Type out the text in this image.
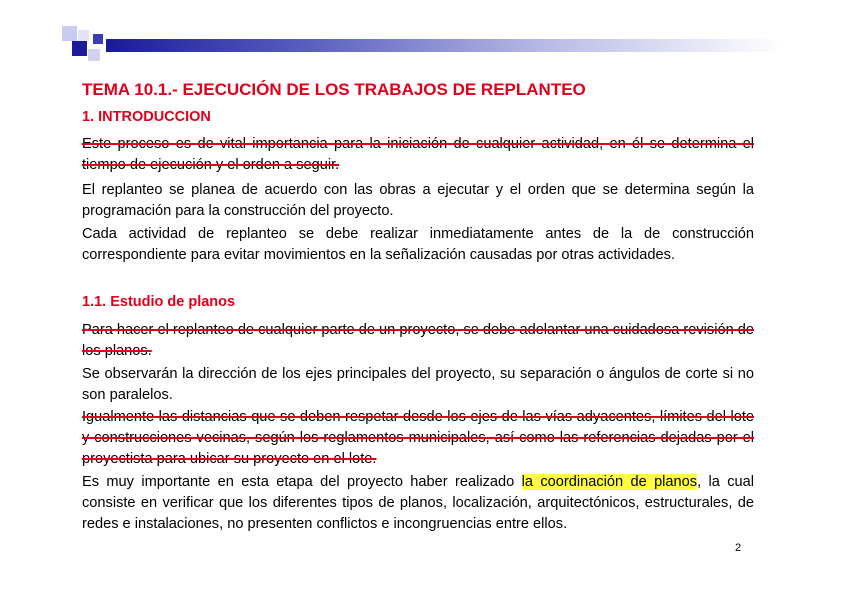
TEMA 10.1.- EJECUCIÓN DE LOS TRABAJOS DE REPLANTEO
1. INTRODUCCION

Este proceso es de vital importancia para la iniciación de cualquier actividad, en él se determina el tiempo de ejecución y el orden a seguir.

El replanteo se planea de acuerdo con las obras a ejecutar y el orden que se determina según la programación para la construcción del proyecto.

Cada actividad de replanteo se debe realizar inmediatamente antes de la de construcción correspondiente para evitar movimientos en la señalización causadas por otras actividades.

1.1. Estudio de planos

Para hacer el replanteo de cualquier parte de un proyecto, se debe adelantar una cuidadosa revisión de los planos.

Se observarán la dirección de los ejes principales del proyecto, su separación o ángulos de corte si no son paralelos.

Igualmente las distancias que se deben respetar desde los ejes de las vías adyacentes, límites del lote y construcciones vecinas, según los reglamentos municipales, así como las referencias dejadas por el proyectista para ubicar su proyecto en el lote.

Es muy importante en esta etapa del proyecto haber realizado la coordinación de planos, la cual consiste en verificar que los diferentes tipos de planos, localización, arquitectónicos, estructurales, de redes e instalaciones, no presenten conflictos e incongruencias entre ellos.

2
